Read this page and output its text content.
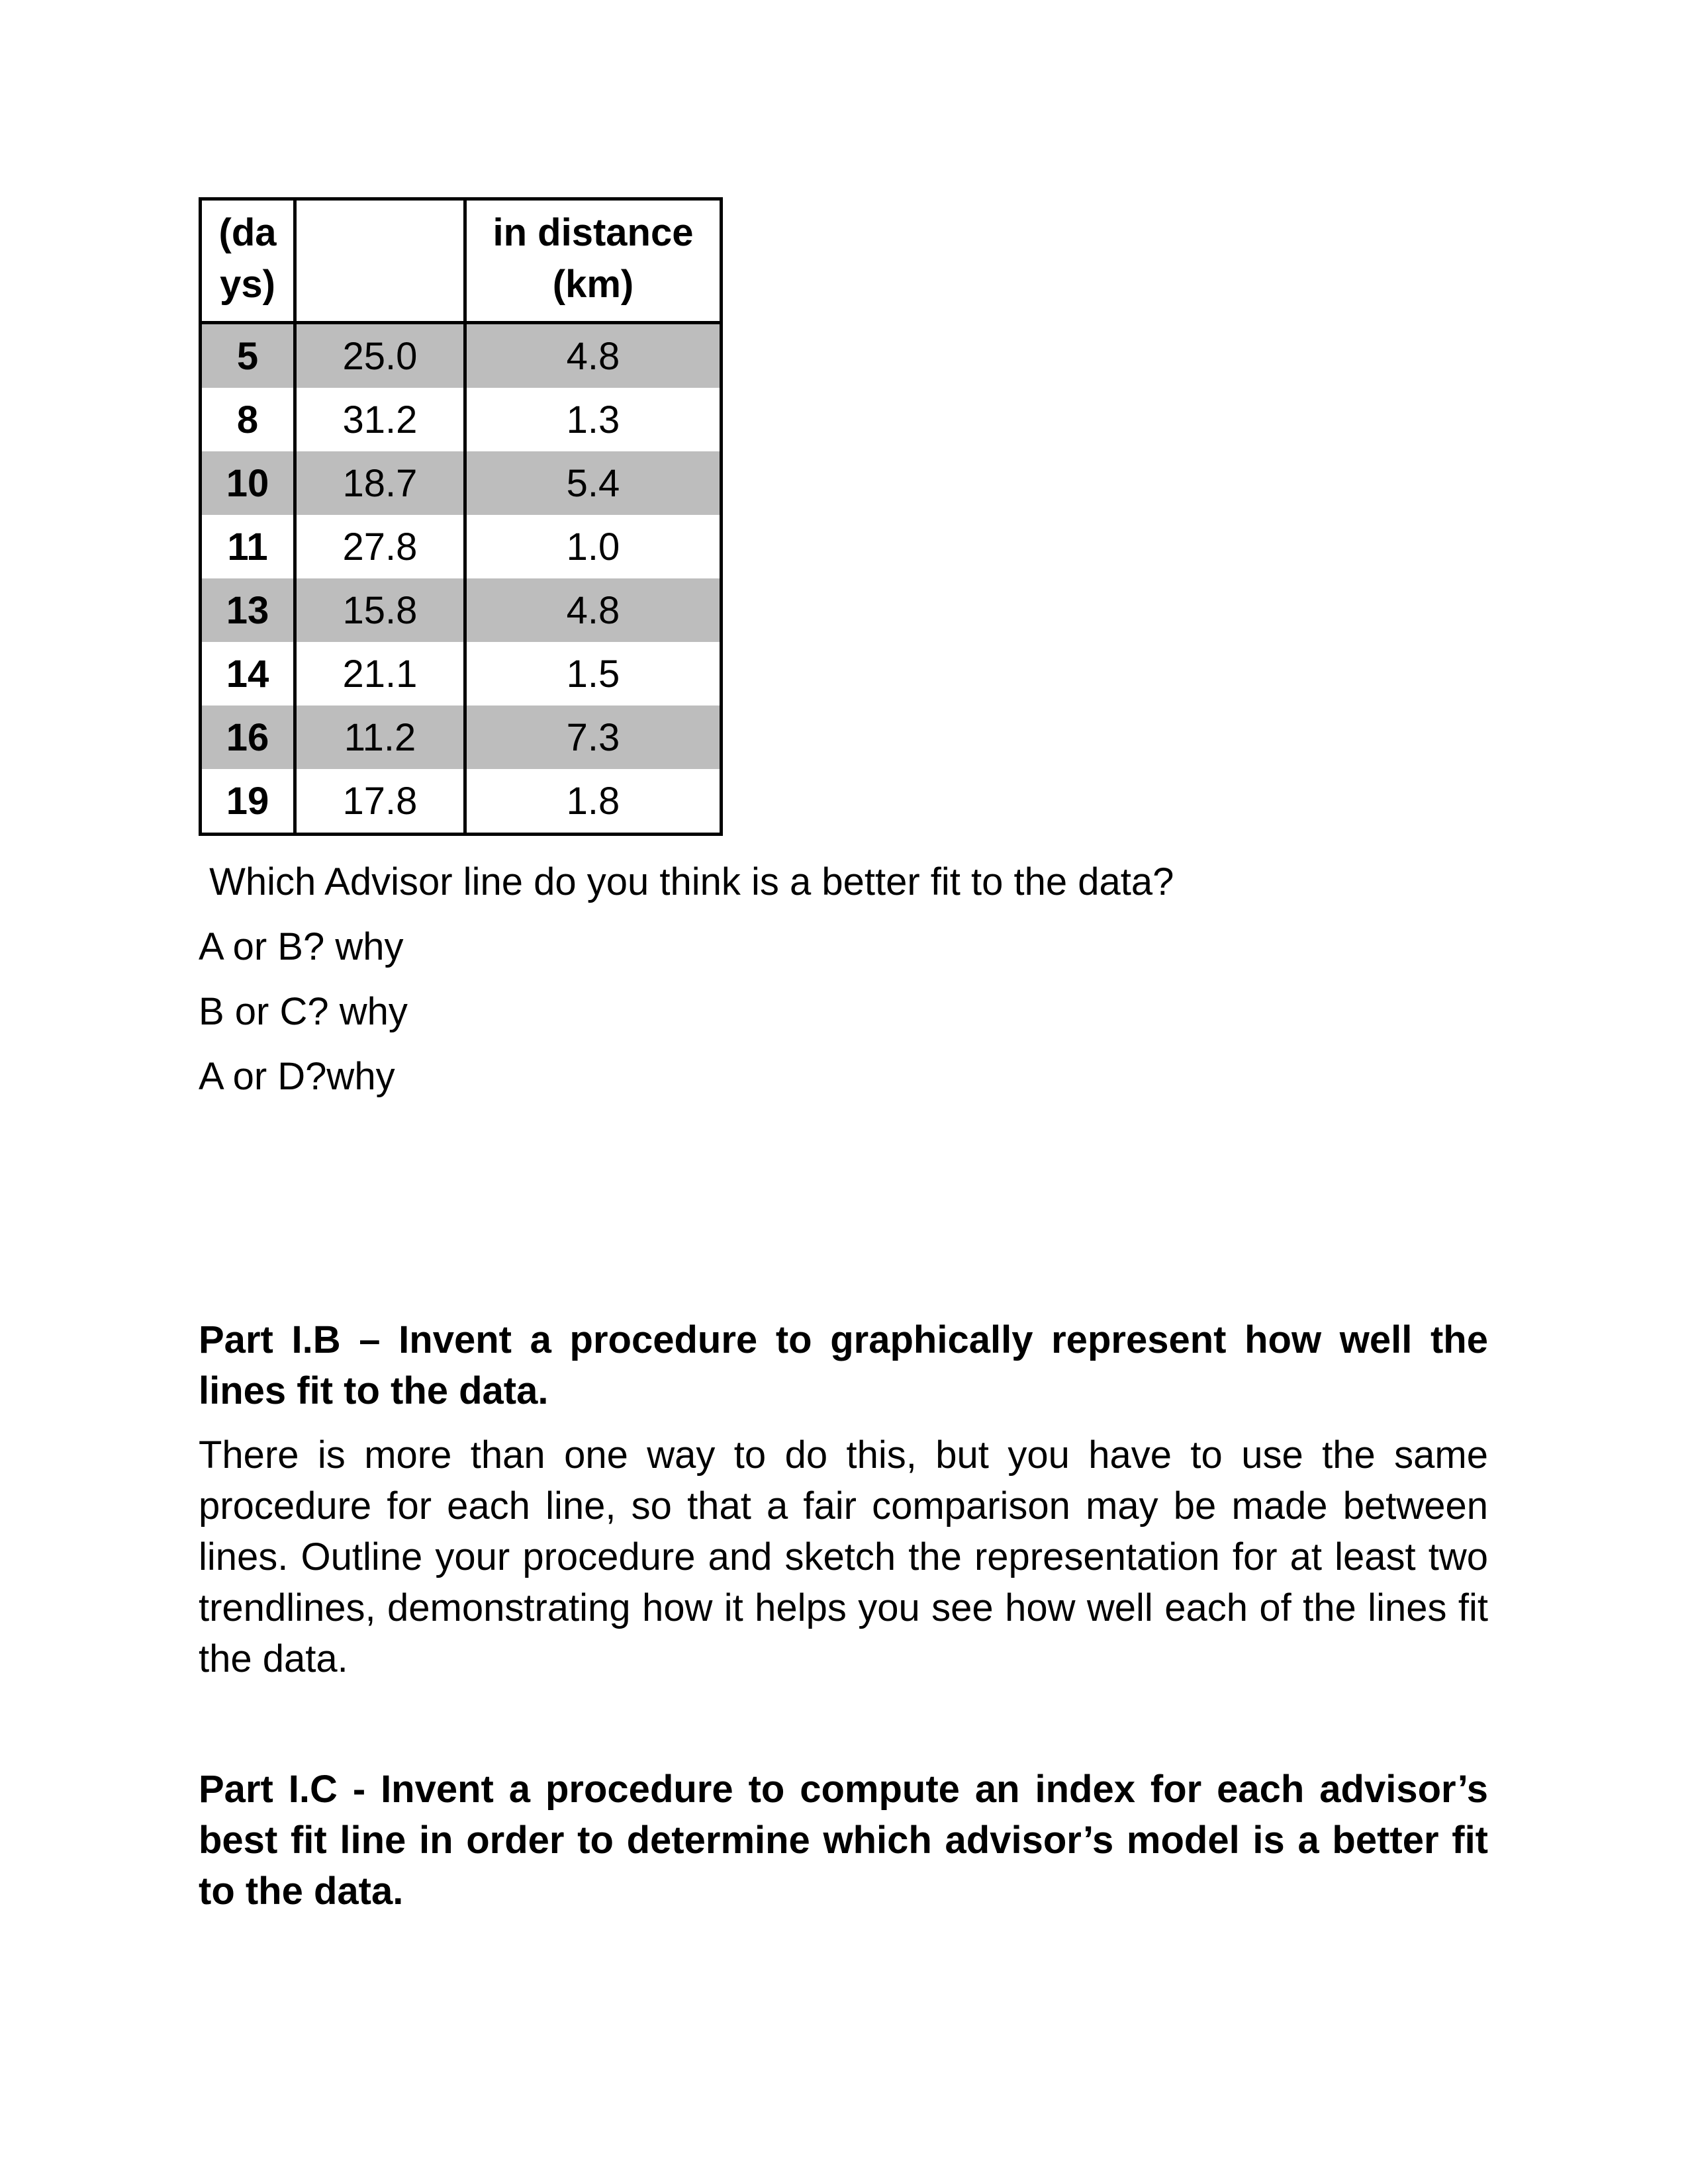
(da ys)		in distance (km)
5	25.0	4.8
8	31.2	1.3
10	18.7	5.4
11	27.8	1.0
13	15.8	4.8
14	21.1	1.5
16	11.2	7.3
19	17.8	1.8
Which Advisor line do you think is a better fit to the data?
A or B? why
B or C? why
A or D?why
Part I.B – Invent a procedure to graphically represent how well the lines fit to the data.
There is more than one way to do this, but you have to use the same procedure for each line, so that a fair comparison may be made between lines. Outline your procedure and sketch the representation for at least two trendlines, demonstrating how it helps you see how well each of the lines fit the data.
Part I.C - Invent a procedure to compute an index for each advisor’s best fit line in order to determine which advisor’s model is a better fit to the data.
